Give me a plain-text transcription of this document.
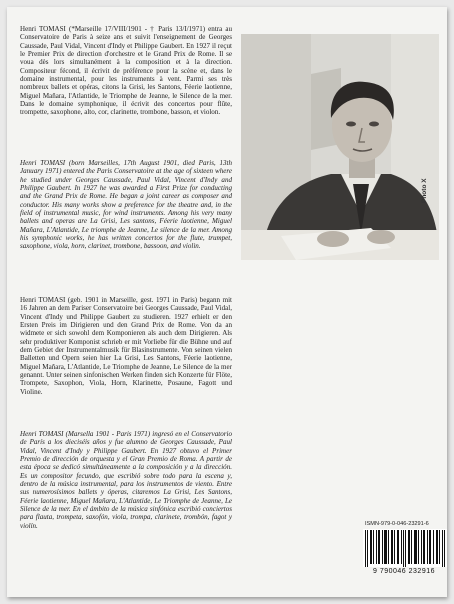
Henri TOMASI (*Marseille 17/VIII/1901 - † Paris 13/I/1971) entra au Conservatoire de Paris à seize ans et suivit l'enseignement de Georges Caussade, Paul Vidal, Vincent d'Indy et Philippe Gaubert. En 1927 il reçut le Premier Prix de direction d'orchestre et le Grand Prix de Rome. Il se voua dès lors simultanément à la composition et à la direction. Compositeur fécond, il écrivit de préférence pour la scène et, dans le domaine instrumental, pour les instruments à vent. Parmi ses très nombreux ballets et opéras, citons la Grisi, les Santons, Féerie laotienne, Miguel Mañara, l'Atlantide, le Triomphe de Jeanne, le Silence de la mer. Dans le domaine symphonique, il écrivit des concertos pour flûte, trompette, saxophone, alto, cor, clarinette, trombone, basson, et violon.

Henri TOMASI (born Marseilles, 17th August 1901, died Paris, 13th January 1971) entered the Paris Conservatoire at the age of sixteen where he studied under Georges Caussade, Paul Vidal, Vincent d'Indy and Philippe Gaubert. In 1927 he was awarded a First Prize for conducting and the Grand Prix de Rome. He began a joint career as composer and conductor. His many works show a preference for the theatre and, in the field of instrumental music, for wind instruments. Among his very many ballets and operas are La Grisi, Les santons, Féerie laotienne, Miguel Mañara, L'Atlantide, Le triomphe de Jeanne, Le silence de la mer. Among his symphonic works, he has written concertos for the flute, trumpet, saxophone, viola, horn, clarinet, trombone, bassoon, and violin.

Henri TOMASI (geb. 1901 in Marseille, gest. 1971 in Paris) begann mit 16 Jahren an dem Pariser Conservatoire bei Georges Caussade, Paul Vidal, Vincent d'Indy und Philippe Gaubert zu studieren. 1927 erhielt er den Ersten Preis im Dirigieren und den Grand Prix de Rome. Von da an widmete er sich sowohl dem Komponieren als auch dem Dirigieren. Als sehr produktiver Komponist schrieb er mit Vorliebe für die Bühne und auf dem Gebiet der Instrumentalmusik für Blasinstrumente. Von seinen vielen Balletten und Opern seien hier La Grisi, Les Santons, Féerie laotienne, Miguel Mañara, L'Atlantide, Le Triomphe de Jeanne, Le Silence de la mer genannt. Unter seinen sinfonischen Werken finden sich Konzerte für Flöte, Trompete, Saxophon, Viola, Horn, Klarinette, Posaune, Fagott und Violine.

Henri TOMASI (Marsella 1901 - Paris 1971) ingresó en el Conservatorio de París a los dieciséis años y fue alumno de Georges Caussade, Paul Vidal, Vincent d'Indy y Philippe Gaubert. En 1927 obtuvo el Primer Premio de dirección de orquesta y el Gran Premio de Roma. A partir de esta época se dedicó simultáneamente a la composición y a la dirección. Es un compositor fecundo, que escribió sobre todo para la escena y, dentro de la música instrumental, para los instrumentos de viento. Entre sus numerosísimos ballets y óperas, citaremos La Grisi, Les Santons, Féerie laotienne, Miguel Mañara, L'Atlantide, Le Triomphe de Jeanne, Le Silence de la mer. En el ámbito de la música sinfónica escribió conciertos para flauta, trompeta, saxofón, viola, trompa, clarinete, trombón, fagot y violín.

Photo X
ISMN-979-0-046-23291-6
9 790046 232916
